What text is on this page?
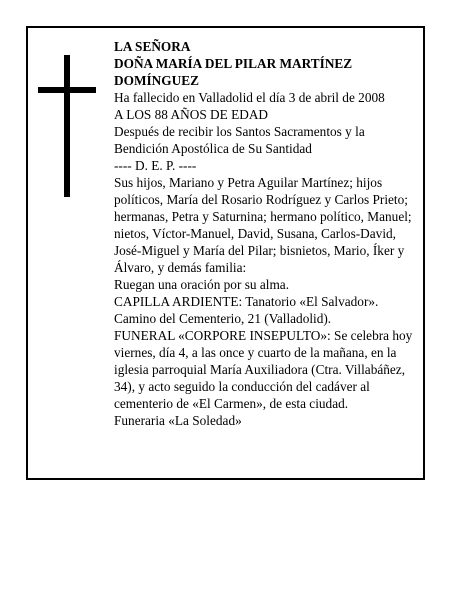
LA SEÑORA

DOÑA MARÍA DEL PILAR MARTÍNEZ DOMÍNGUEZ

Ha fallecido en Valladolid el día 3 de abril de 2008

A LOS 88 AÑOS DE EDAD

Después de recibir los Santos Sacramentos y la Bendición Apostólica de Su Santidad

---- D. E. P. ----

Sus hijos, Mariano y Petra Aguilar Martínez; hijos políticos, María del Rosario Rodríguez y Carlos Prieto; hermanas, Petra y Saturnina; hermano político, Manuel; nietos, Víctor-Manuel, David, Susana, Carlos-David, José-Miguel y María del Pilar; bisnietos, Mario, Íker y Álvaro, y demás familia:

Ruegan una oración por su alma.

CAPILLA ARDIENTE: Tanatorio «El Salvador». Camino del Cementerio, 21 (Valladolid).

FUNERAL «CORPORE INSEPULTO»: Se celebra hoy viernes, día 4, a las once y cuarto de la mañana, en la iglesia parroquial María Auxiliadora (Ctra. Villabáñez, 34), y acto seguido la conducción del cadáver al cementerio de «El Carmen», de esta ciudad.

Funeraria «La Soledad»
